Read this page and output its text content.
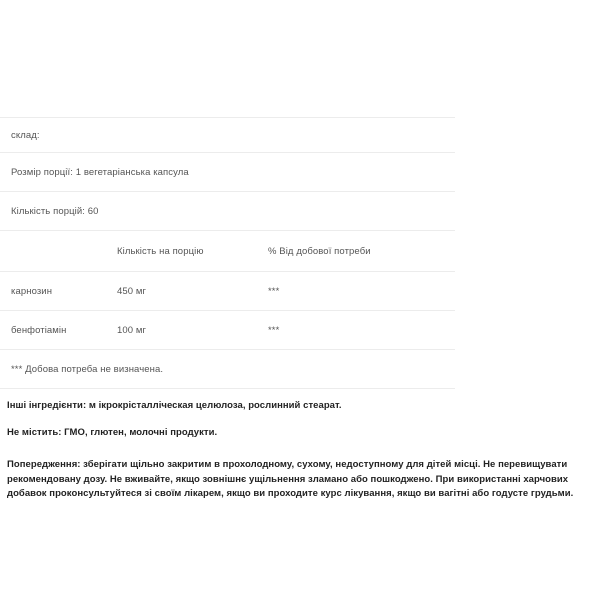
склад:		
Розмір порції: 1 вегетаріанська капсула		
Кількість порцій: 60		
	Кількість на порцію	% Від добової потреби
карнозин	450 мг	***
бенфотіамін	100 мг	***
*** Добова потреба не визначена.		
Інші інгредієнти: м ікрокрісталліческая целюлоза, рослинний стеарат.
Не містить: ГМО, глютен, молочні продукти.
Попередження: зберігати щільно закритим в прохолодному, сухому, недоступному для дітей місці. Не перевищувати рекомендовану дозу. Не вживайте, якщо зовнішнє ущільнення зламано або пошкоджено. При використанні харчових добавок проконсультуйтеся зі своїм лікарем, якщо ви проходите курс лікування, якщо ви вагітні або годусте грудьми.
